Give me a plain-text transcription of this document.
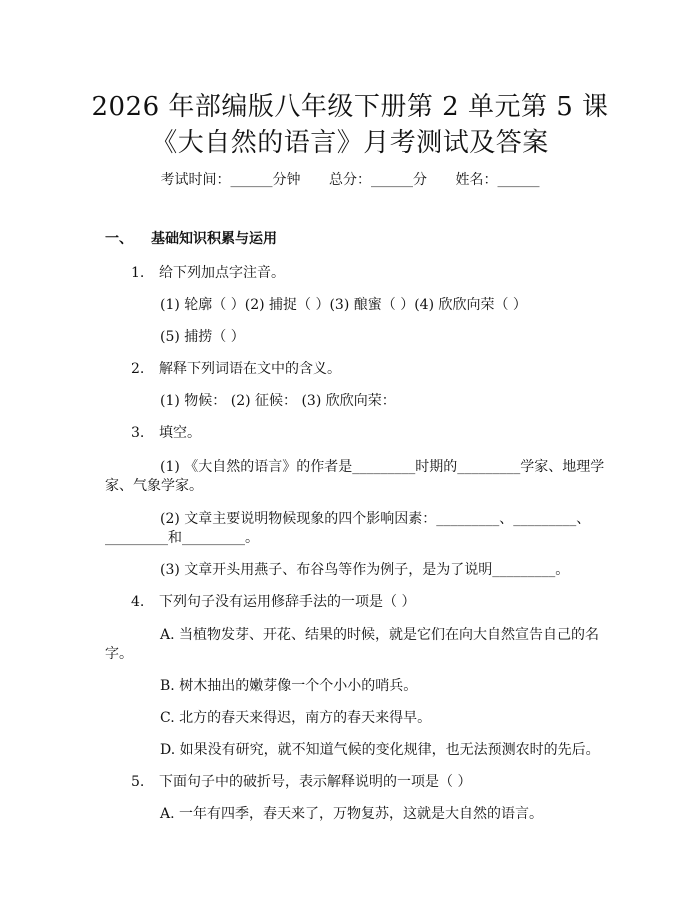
2026 年部编版八年级下册第 2 单元第 5 课
《大自然的语言》月考测试及答案
考试时间：______分钟 总分：______分 姓名：______
一、 基础知识积累与运用
1. 给下列加点字注音。
(1) 轮廓（ ）(2) 捕捉（ ）(3) 酿蜜（ ）(4) 欣欣向荣（ ）
(5) 捕捞（ ）
2. 解释下列词语在文中的含义。
(1) 物候： (2) 征候： (3) 欣欣向荣：
3. 填空。
(1) 《大自然的语言》的作者是_________时期的_________学家、地理学
家、气象学家。
(2) 文章主要说明物候现象的四个影响因素：_________、_________、
_________和_________。
(3) 文章开头用燕子、布谷鸟等作为例子，是为了说明_________。
4. 下列句子没有运用修辞手法的一项是（ ）
A. 当植物发芽、开花、结果的时候，就是它们在向大自然宣告自己的名
字。
B. 树木抽出的嫩芽像一个个小小的哨兵。
C. 北方的春天来得迟，南方的春天来得早。
D. 如果没有研究，就不知道气候的变化规律，也无法预测农时的先后。
5. 下面句子中的破折号，表示解释说明的一项是（ ）
A. 一年有四季，春天来了，万物复苏，这就是大自然的语言。
